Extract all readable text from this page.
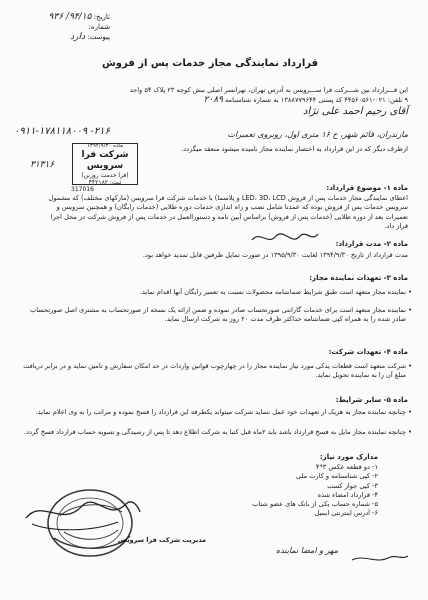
تاریخ: ۹۴/۱۵/ ۹۳۶
شماره:
پیوست: دارد
قرارداد نمایندگی مجاز خدمات پس از فروش
این قـــرارداد بین شـــرکت فرا ســـرویس به آدرس تهران، تهرانسر اصلی نبش کوچه ۲۳ پلاک ۵۴ واحد
۹ تلفن: ۰۲۱-۴۴۵۶۰۵۶۱ کد پستی ۱۳۸۸۷۷۹۶۴۴ به شماره شناسنامه ۲۰۸۹
آقای رحیم احمد علی نژاد
۰۹۱۱-۱۷۸۱۱۸۰۰۹ -۲۱۶	مازندران، قائم شهر، خ ۱۶ متری اول، روبروی تعمیرات
ازطرف دیگر که در این قرارداد به اختصار نماینده مجاز نامیده میشود منعقد میگردد.
۳۱۳۱۶
ماده ۱۳۹۴/۹/۳۰
شرکت فرا سرویس
(فرا خدمت روزبن)
ثبت: ۴۴۲۱۸۲
317016	ماده ۱- موضوع قرارداد:
اعطای نمایندگی مجاز خدمات پس از فروش LED، 3D، LCD و پلاسما) با خدمات شرکت فرا سرویس (مارکهای مختلف) که مشمول سرویس خدمات پس از فروش بوده که عمدتا شامل نصب و راه اندازی خدمات دوره طلایی (خدمات رایگان) و همچنین سرویس و تعمیرات بعد از دوره طلایی (خدمات پس از فروش) براساس آیین نامه و دستورالعمل در خدمات پس از فروش شرکت در محل اجرا قرار داد.
ماده ۲- مدت قرارداد:
مدت قرارداد از تاریخ ۱۳۹۴/۹/۳۰ لغایت ۱۳۹۵/۹/۳۰ در صورت تمایل طرفین قابل تمدید خواهد بود.
ماده ۳- تعهدات نماینده مجاز:
• نماینده مجاز متعهد است طبق شرایط ضمانتنامه محصولات نسبت به تعمیر رایگان آنها اقدام نماید.
• نماینده مجاز متعهد است برای خدمات گارانتی صورتحساب صادر نموده و ضمن ارائه یک نسخه از صورتحساب به مشتری اصل صورتحساب صادر شده را به همراه کپی ضمانتنامه حداکثر ظرف مدت ۲۰ روز به شرکت ارسال نماید.
ماده ۴- تعهدات شرکت:
• شرکت متعهد است قطعات یدکی مورد نیاز نماینده مجاز را در چهارچوب قوانین واردات در حد امکان سفارش و تامین نماید و در برابر دریافت مبلغ آن را به نماینده تحویل نماید.
ماده ۵- سایر شرایط:
• چنانچه نماینده مجاز به هریک از تعهدات خود عمل ننماید شرکت میتواند یکطرفه این قرارداد را فسخ نموده و مراتب را به وی اعلام نماید.
• چنانچه نماینده مجاز مایل به فسخ قرارداد باشد باید ۲ماه قبل کتبا به شرکت اطلاع دهد تا پس از رسیدگی و تسویه حساب قرارداد فسخ گردد.
مدارک مورد نیاز:
۱- دو قطعه عکس ۳*۴
۲- کپی شناسنامه و کارت ملی
۳- کپی جواز کسب
۴- قرارداد امضاء شده
۵- شماره حساب یکی از بانک های عضو شتاب
۶- آدرس اینترنتی ایمیل
مدیریت شرکت فرا سرویس
مهر و امضا نماینده
